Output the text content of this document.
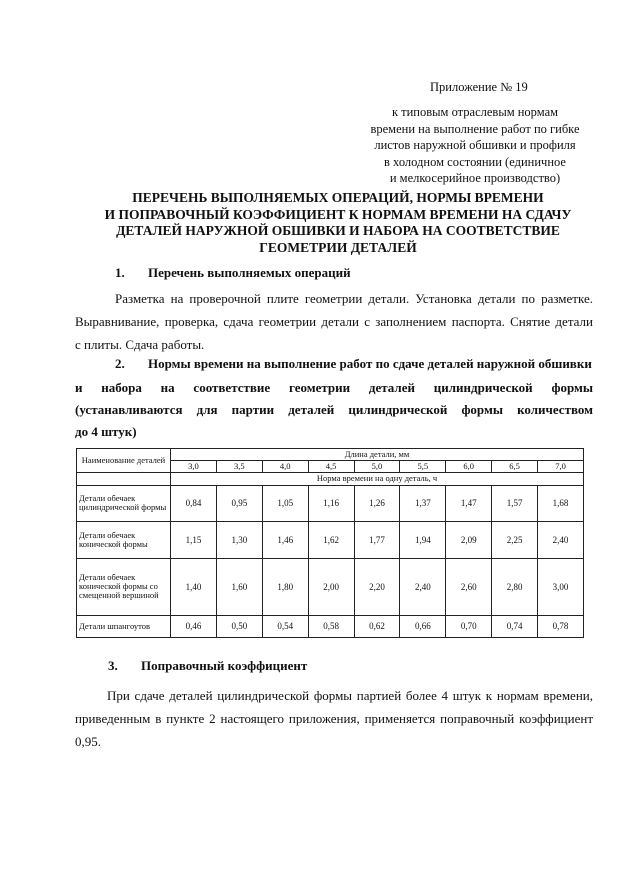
Приложение № 19
к типовым отраслевым нормам
времени на выполнение работ по гибке
листов наружной обшивки и профиля
в холодном состоянии (единичное
и мелкосерийное производство)
ПЕРЕЧЕНЬ ВЫПОЛНЯЕМЫХ ОПЕРАЦИЙ, НОРМЫ ВРЕМЕНИ
И ПОПРАВОЧНЫЙ КОЭФФИЦИЕНТ К НОРМАМ ВРЕМЕНИ НА СДАЧУ
ДЕТАЛЕЙ НАРУЖНОЙ ОБШИВКИ И НАБОРА НА СООТВЕТСТВИЕ
ГЕОМЕТРИИ ДЕТАЛЕЙ
1. Перечень выполняемых операций
Разметка на проверочной плите геометрии детали. Установка детали по разметке.
Выравнивание, проверка, сдача геометрии детали с заполнением паспорта. Снятие детали
с плиты. Сдача работы.
2. Нормы времени на выполнение работ по сдаче деталей наружной обшивки
и набора на соответствие геометрии деталей цилиндрической формы
(устанавливаются для партии деталей цилиндрической формы количеством
до 4 штук)
Наименование деталей	Длина детали, мм								
	3,0	3,5	4,0	4,5	5,0	5,5	6,0	6,5	7,0
	Норма времени на одну деталь, ч								
Детали обечаек цилиндрической формы	0,84	0,95	1,05	1,16	1,26	1,37	1,47	1,57	1,68
Детали обечаек конической формы	1,15	1,30	1,46	1,62	1,77	1,94	2,09	2,25	2,40
Детали обечаек конической формы со смещенной вершиной	1,40	1,60	1,80	2,00	2,20	2,40	2,60	2,80	3,00
Детали шпангоутов	0,46	0,50	0,54	0,58	0,62	0,66	0,70	0,74	0,78
3. Поправочный коэффициент
При сдаче деталей цилиндрической формы партией более 4 штук к нормам времени,
приведенным в пункте 2 настоящего приложения, применяется поправочный коэффициент
0,95.
